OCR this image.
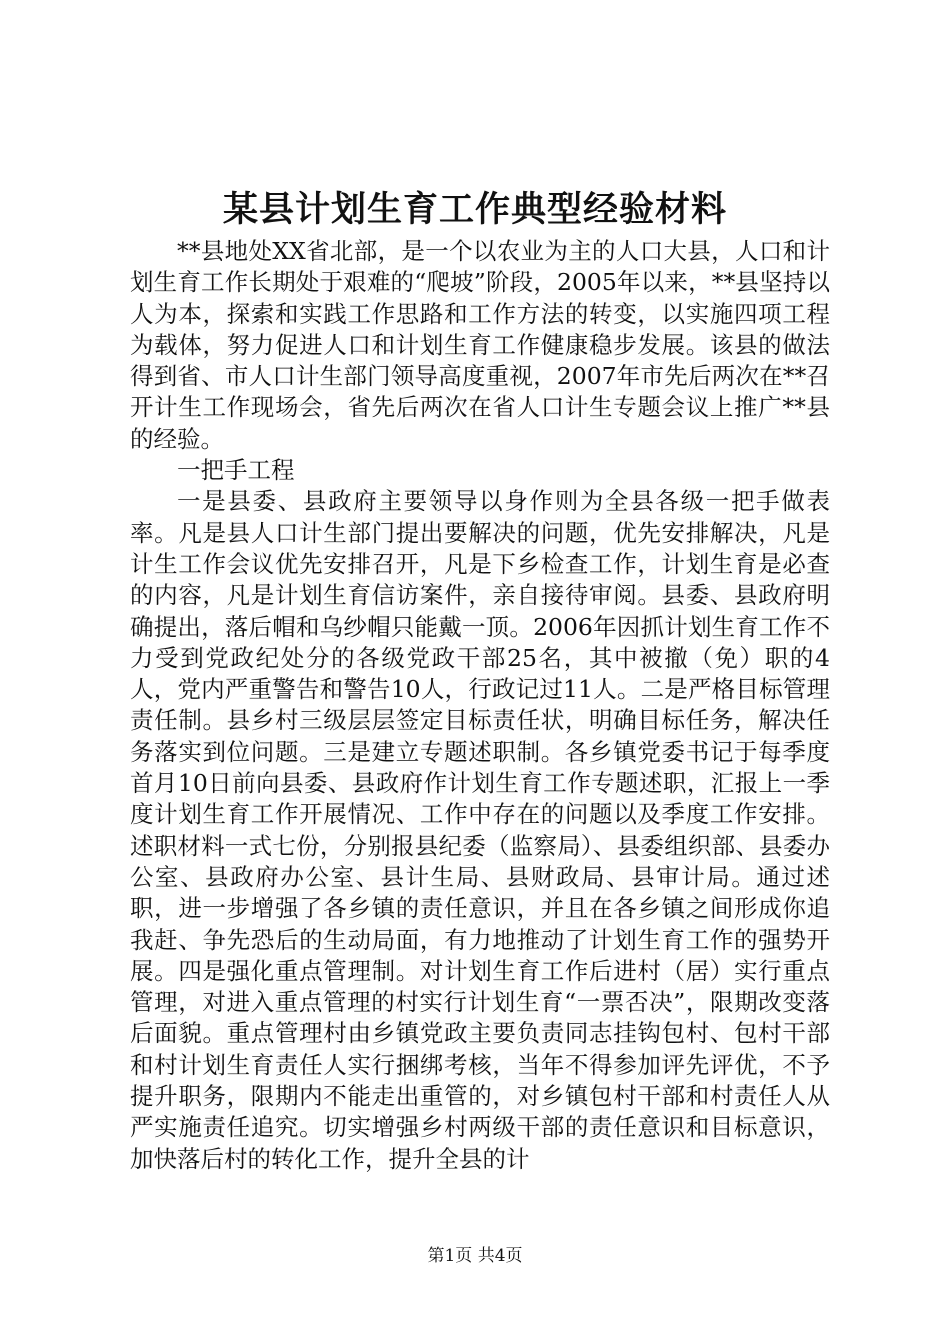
某县计划生育工作典型经验材料

**县地处XX省北部，是一个以农业为主的人口大县，人口和计划生育工作长期处于艰难的“爬坡”阶段，2005年以来，**县坚持以人为本，探索和实践工作思路和工作方法的转变，以实施四项工程为载体，努力促进人口和计划生育工作健康稳步发展。该县的做法得到省、市人口计生部门领导高度重视，2007年市先后两次在**召开计生工作现场会，省先后两次在省人口计生专题会议上推广**县的经验。

一把手工程

一是县委、县政府主要领导以身作则为全县各级一把手做表率。凡是县人口计生部门提出要解决的问题，优先安排解决，凡是计生工作会议优先安排召开，凡是下乡检查工作，计划生育是必查的内容，凡是计划生育信访案件，亲自接待审阅。县委、县政府明确提出，落后帽和乌纱帽只能戴一顶。2006年因抓计划生育工作不力受到党政纪处分的各级党政干部25名，其中被撤（免）职的4人，党内严重警告和警告10人，行政记过11人。二是严格目标管理责任制。县乡村三级层层签定目标责任状，明确目标任务，解决任务落实到位问题。三是建立专题述职制。各乡镇党委书记于每季度首月10日前向县委、县政府作计划生育工作专题述职，汇报上一季度计划生育工作开展情况、工作中存在的问题以及季度工作安排。述职材料一式七份，分别报县纪委（监察局）、县委组织部、县委办公室、县政府办公室、县计生局、县财政局、县审计局。通过述职，进一步增强了各乡镇的责任意识，并且在各乡镇之间形成你追我赶、争先恐后的生动局面，有力地推动了计划生育工作的强势开展。四是强化重点管理制。对计划生育工作后进村（居）实行重点管理，对进入重点管理的村实行计划生育“一票否决”，限期改变落后面貌。重点管理村由乡镇党政主要负责同志挂钩包村、包村干部和村计划生育责任人实行捆绑考核，当年不得参加评先评优，不予提升职务，限期内不能走出重管的，对乡镇包村干部和村责任人从严实施责任追究。切实增强乡村两级干部的责任意识和目标意识，加快落后村的转化工作，提升全县的计

第1页 共4页
